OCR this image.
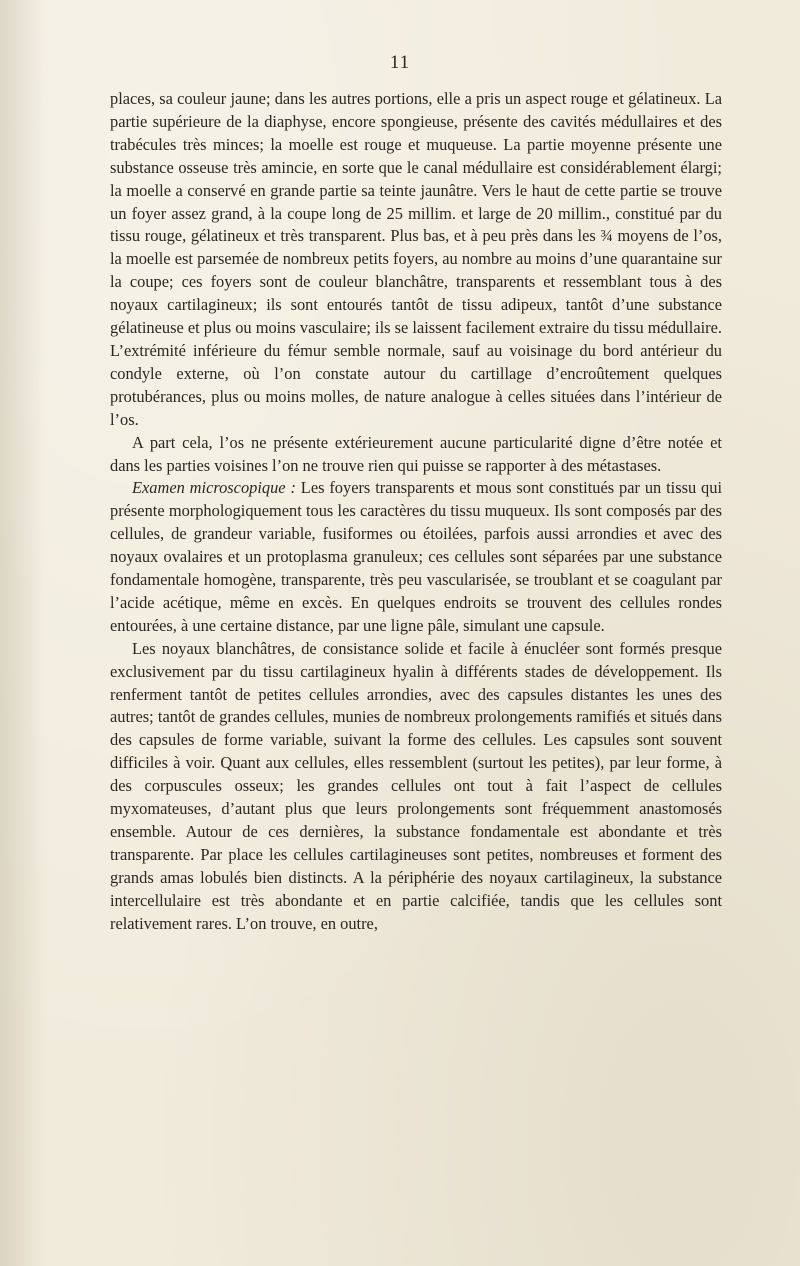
11

places, sa couleur jaune; dans les autres portions, elle a pris un aspect rouge et gélatineux. La partie supérieure de la diaphyse, encore spongieuse, présente des cavités médullaires et des trabécules très minces; la moelle est rouge et muqueuse. La partie moyenne présente une substance osseuse très amincie, en sorte que le canal médullaire est considérablement élargi; la moelle a conservé en grande partie sa teinte jaunâtre. Vers le haut de cette partie se trouve un foyer assez grand, à la coupe long de 25 millim. et large de 20 millim., constitué par du tissu rouge, gélatineux et très transparent. Plus bas, et à peu près dans les ¾ moyens de l’os, la moelle est parsemée de nombreux petits foyers, au nombre au moins d’une quarantaine sur la coupe; ces foyers sont de couleur blanchâtre, transparents et ressemblant tous à des noyaux cartilagineux; ils sont entourés tantôt de tissu adipeux, tantôt d’une substance gélatineuse et plus ou moins vasculaire; ils se laissent facilement extraire du tissu médullaire. L’extrémité inférieure du fémur semble normale, sauf au voisinage du bord antérieur du condyle externe, où l’on constate autour du cartillage d’encroûtement quelques protubérances, plus ou moins molles, de nature analogue à celles situées dans l’intérieur de l’os.

A part cela, l’os ne présente extérieurement aucune particularité digne d’être notée et dans les parties voisines l’on ne trouve rien qui puisse se rapporter à des métastases.

Examen microscopique : Les foyers transparents et mous sont constitués par un tissu qui présente morphologiquement tous les caractères du tissu muqueux. Ils sont composés par des cellules, de grandeur variable, fusiformes ou étoilées, parfois aussi arrondies et avec des noyaux ovalaires et un protoplasma granuleux; ces cellules sont séparées par une substance fondamentale homogène, transparente, très peu vascularisée, se troublant et se coagulant par l’acide acétique, même en excès. En quelques endroits se trouvent des cellules rondes entourées, à une certaine distance, par une ligne pâle, simulant une capsule.

Les noyaux blanchâtres, de consistance solide et facile à énucléer sont formés presque exclusivement par du tissu cartilagineux hyalin à différents stades de développement. Ils renferment tantôt de petites cellules arrondies, avec des capsules distantes les unes des autres; tantôt de grandes cellules, munies de nombreux prolongements ramifiés et situés dans des capsules de forme variable, suivant la forme des cellules. Les capsules sont souvent difficiles à voir. Quant aux cellules, elles ressemblent (surtout les petites), par leur forme, à des corpuscules osseux; les grandes cellules ont tout à fait l’aspect de cellules myxomateuses, d’autant plus que leurs prolongements sont fréquemment anastomosés ensemble. Autour de ces dernières, la substance fondamentale est abondante et très transparente. Par place les cellules cartilagineuses sont petites, nombreuses et forment des grands amas lobulés bien distincts. A la périphérie des noyaux cartilagineux, la substance intercellulaire est très abondante et en partie calcifiée, tandis que les cellules sont relativement rares. L’on trouve, en outre,
